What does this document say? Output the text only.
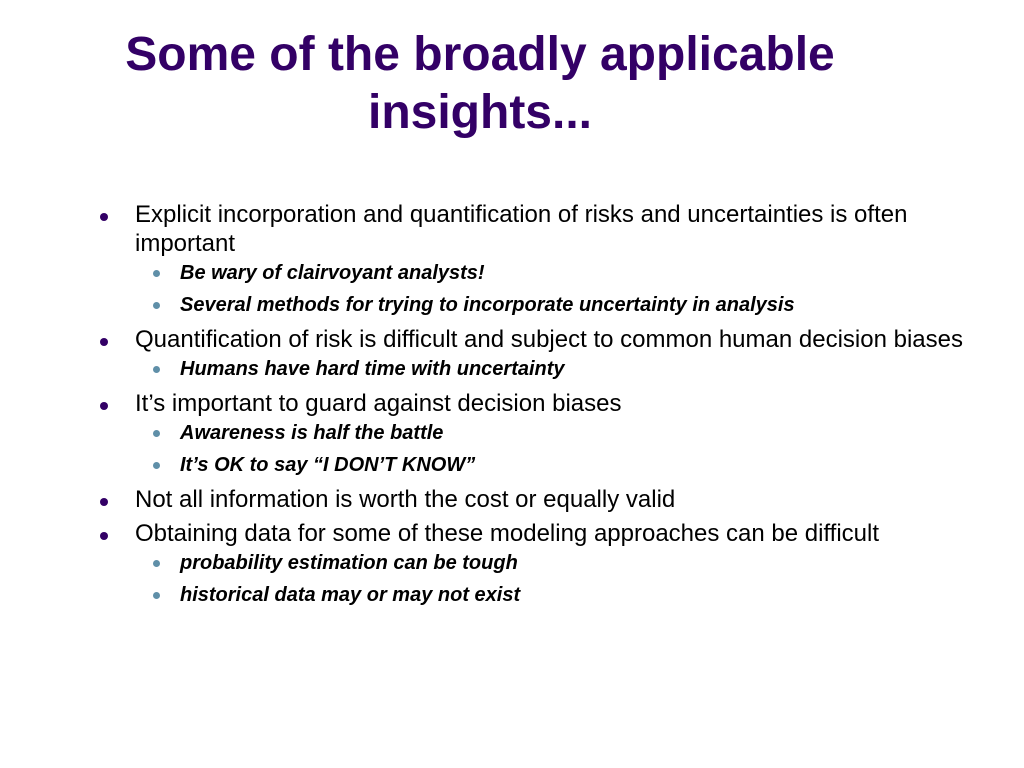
Some of the broadly applicable
insights...
Explicit incorporation and quantification of risks and uncertainties is often important
Be wary of clairvoyant analysts!
Several methods for trying to incorporate uncertainty in analysis
Quantification of risk is difficult and subject to common human decision biases
Humans have hard time with uncertainty
It’s important to guard against decision biases
Awareness is half the battle
It’s OK to say “I DON’T KNOW”
Not all information is worth the cost or equally valid
Obtaining data for some of these modeling approaches can be difficult
probability estimation can be tough
historical data may or may not exist
